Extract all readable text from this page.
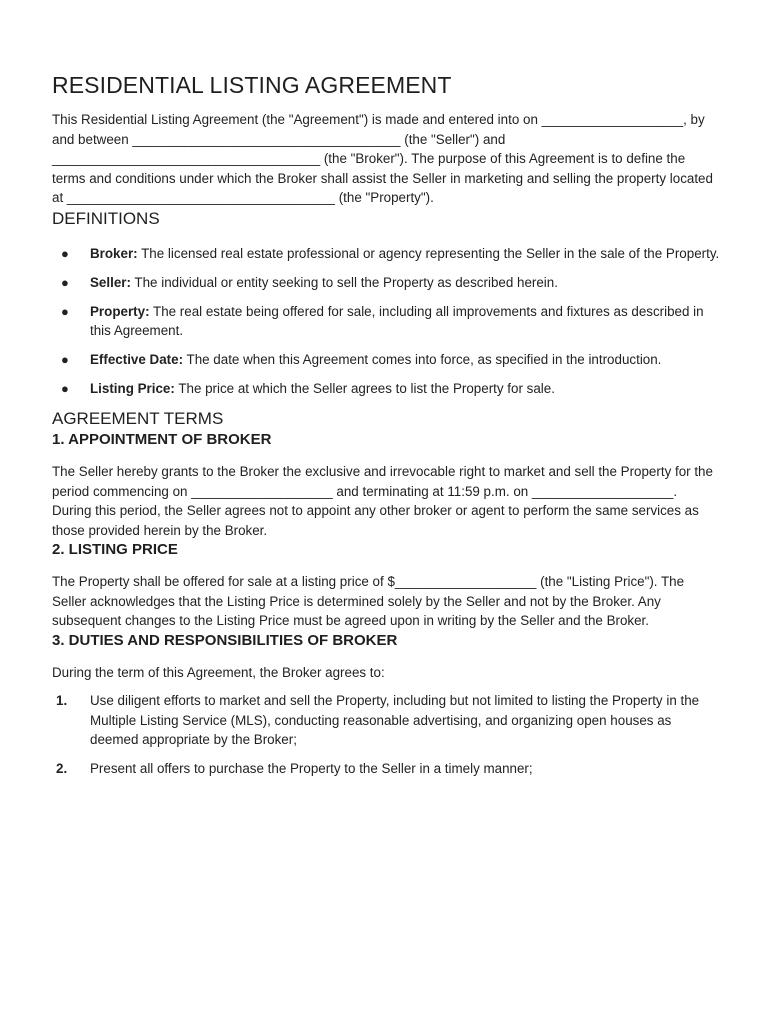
RESIDENTIAL LISTING AGREEMENT

This Residential Listing Agreement (the "Agreement") is made and entered into on ___________________, by and between ____________________________________ (the "Seller") and ____________________________________ (the "Broker"). The purpose of this Agreement is to define the terms and conditions under which the Broker shall assist the Seller in marketing and selling the property located at ____________________________________ (the "Property").

DEFINITIONS
● Broker: The licensed real estate professional or agency representing the Seller in the sale of the Property.
● Seller: The individual or entity seeking to sell the Property as described herein.
● Property: The real estate being offered for sale, including all improvements and fixtures as described in this Agreement.
● Effective Date: The date when this Agreement comes into force, as specified in the introduction.
● Listing Price: The price at which the Seller agrees to list the Property for sale.
AGREEMENT TERMS
1. APPOINTMENT OF BROKER

The Seller hereby grants to the Broker the exclusive and irrevocable right to market and sell the Property for the period commencing on ___________________ and terminating at 11:59 p.m. on ___________________. During this period, the Seller agrees not to appoint any other broker or agent to perform the same services as those provided herein by the Broker.

2. LISTING PRICE

The Property shall be offered for sale at a listing price of $___________________ (the "Listing Price"). The Seller acknowledges that the Listing Price is determined solely by the Seller and not by the Broker. Any subsequent changes to the Listing Price must be agreed upon in writing by the Seller and the Broker.

3. DUTIES AND RESPONSIBILITIES OF BROKER

During the term of this Agreement, the Broker agrees to:

1. Use diligent efforts to market and sell the Property, including but not limited to listing the Property in the Multiple Listing Service (MLS), conducting reasonable advertising, and organizing open houses as deemed appropriate by the Broker;
2. Present all offers to purchase the Property to the Seller in a timely manner;
